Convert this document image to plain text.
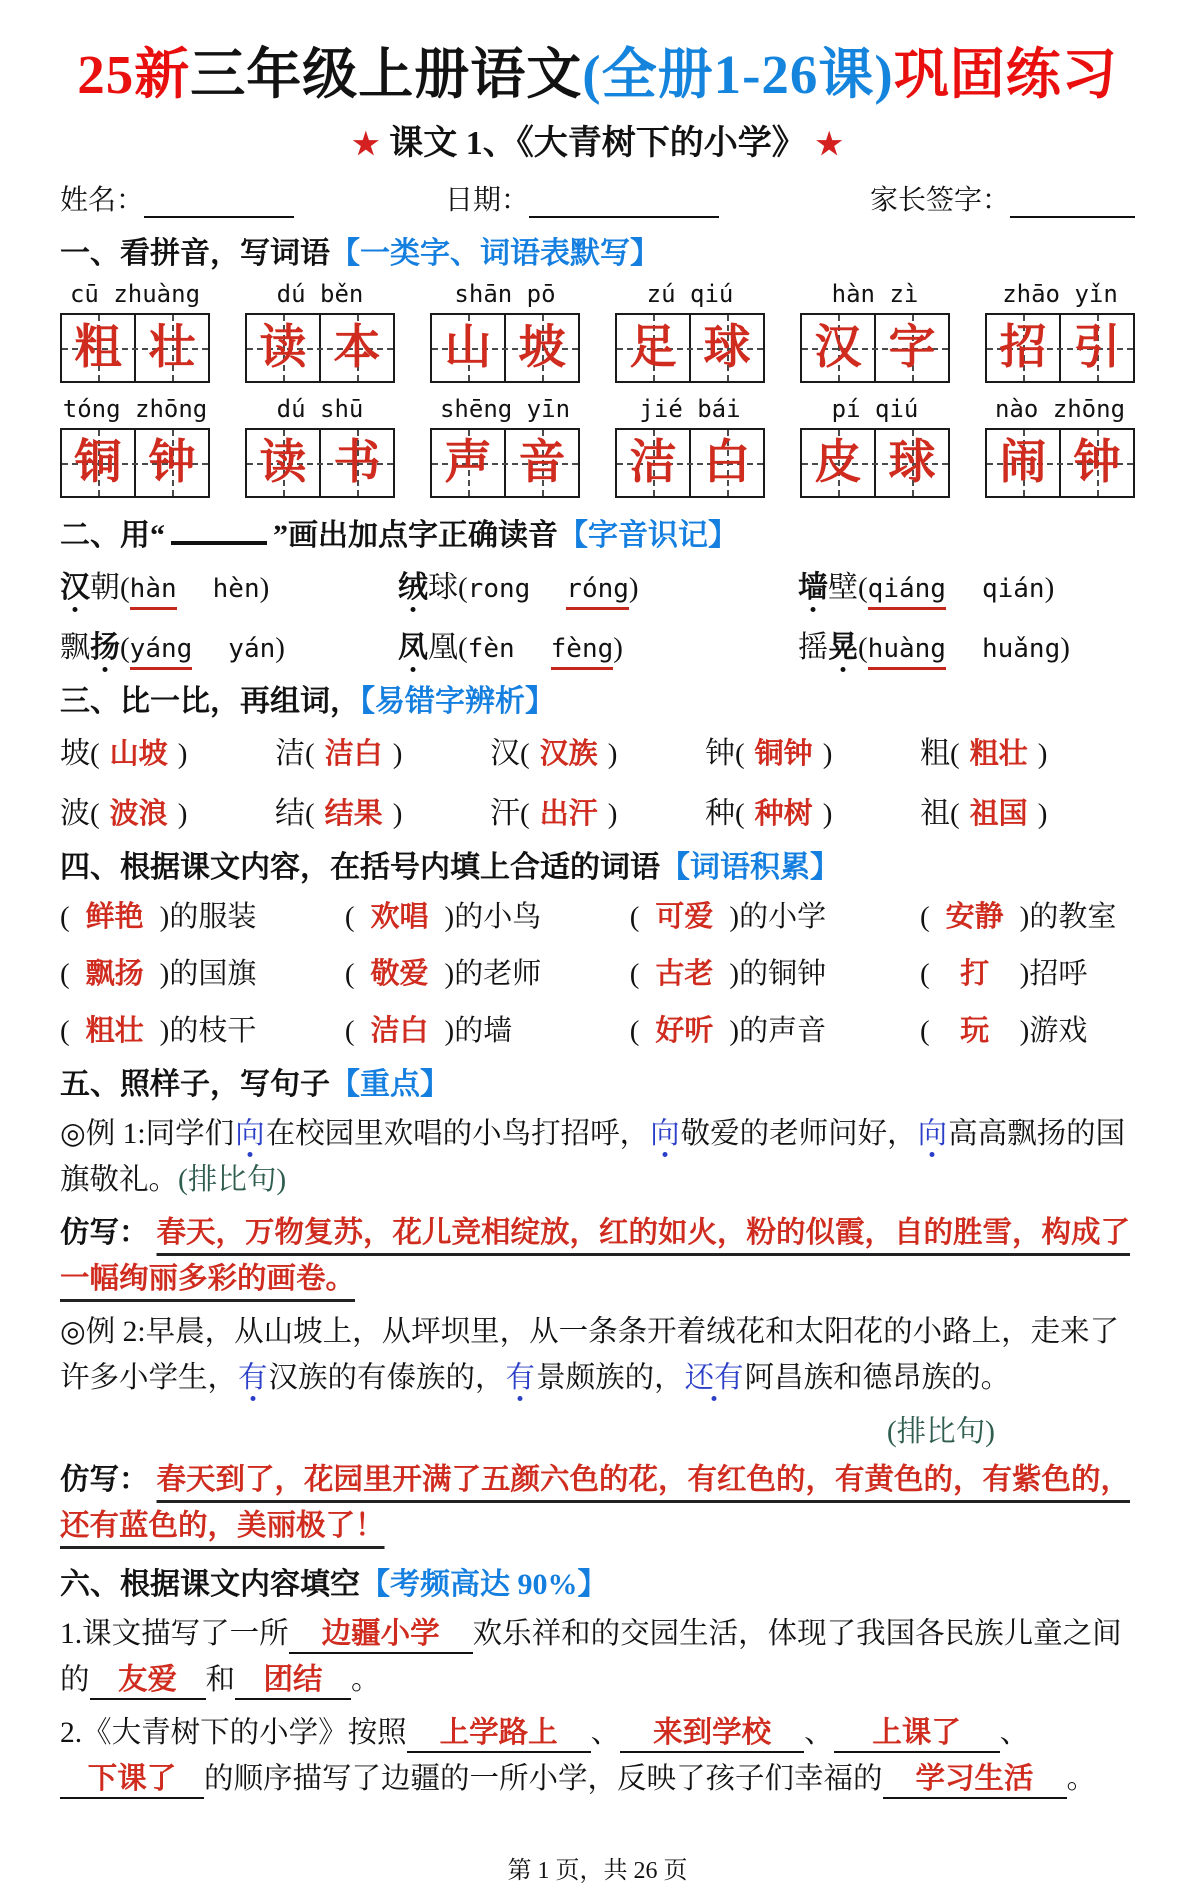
25新三年级上册语文(全册1-26课)巩固练习
★ 课文 1、《大青树下的小学》 ★
姓名：	日期：	家长签字：
一、看拼音，写词语【一类字、词语表默写】
cū zhuàng
粗 壮
dú běn
读 本
shān pō
山 坡
zú qiú
足 球
hàn zì
汉 字
zhāo yǐn
招 引
tóng zhōng
铜 钟
dú shū
读 书
shēng yīn
声 音
jié bái
洁 白
pí qiú
皮 球
nào zhōng
闹 钟
二、用“	”画出加点字正确读音【字音识记】
汉朝(hàn hèn)	绒球(rong róng)	墙壁(qiáng qián)
飘扬(yáng yán)	凤凰(fèn fèng)	摇晃(huàng huǎng)
三、比一比，再组词，【易错字辨析】
坡( 山坡 )	洁( 洁白 )	汉( 汉族 )	钟( 铜钟 )	粗( 粗壮 )
波( 波浪 )	结( 结果 )	汗( 出汗 )	种( 种树 )	祖( 祖国 )
四、根据课文内容，在括号内填上合适的词语【词语积累】
( 鲜艳 )的服装	( 欢唱 )的小鸟	( 可爱 )的小学	( 安静 )的教室
( 飘扬 )的国旗	( 敬爱 )的老师	( 古老 )的铜钟	( 打 )招呼
( 粗壮 )的枝干	( 洁白 )的墙	( 好听 )的声音	( 玩 )游戏
五、照样子，写句子【重点】

◎例 1:同学们向在校园里欢唱的小鸟打招呼，向敬爱的老师问好，向高高飘扬的国旗敬礼。(排比句)

仿写： 春天，万物复苏，花儿竞相绽放，红的如火，粉的似霞，自的胜雪，构成了一幅绚丽多彩的画卷。

◎例 2:早晨，从山坡上，从坪坝里，从一条条开着绒花和太阳花的小路上，走来了许多小学生，有汉族的有傣族的，有景颇族的，还有阿昌族和德昂族的。

(排比句)

仿写： 春天到了，花园里开满了五颜六色的花，有红色的，有黄色的，有紫色的，还有蓝色的，美丽极了！

六、根据课文内容填空【考频高达 90%】

1.课文描写了一所 边疆小学 欢乐祥和的交园生活，体现了我国各民族儿童之间的 友爱 和 团结 。

2.《大青树下的小学》按照 上学路上 、 来到学校 、 上课了 、下课了 的顺序描写了边疆的一所小学，反映了孩子们幸福的 学习生活 。

第 1 页，共 26 页
